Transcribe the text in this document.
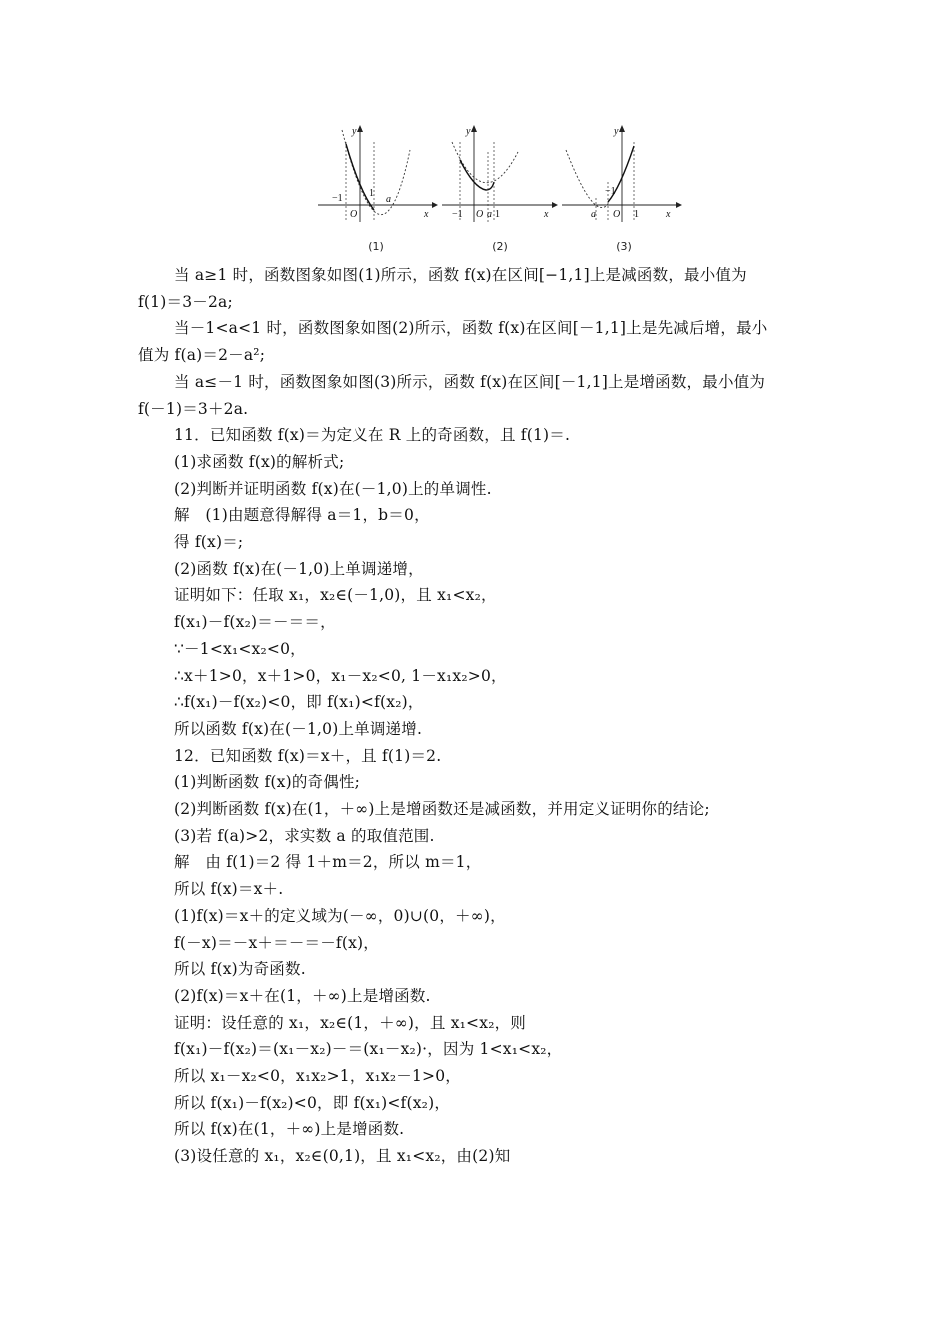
y
x
O
−1	1
a
(1)
y
x
−1 O a 1
(2)
y
x
−1
a O 1
(3)
当 a≥1 时，函数图象如图(1)所示，函数 f(x)在区间[−1,1]上是减函数，最小值为
f(1)＝3－2a;
当－1<a<1 时，函数图象如图(2)所示，函数 f(x)在区间[－1,1]上是先减后增，最小
值为 f(a)＝2－a²;
当 a≤－1 时，函数图象如图(3)所示，函数 f(x)在区间[－1,1]上是增函数，最小值为
f(－1)＝3＋2a.
11．已知函数 f(x)＝为定义在 R 上的奇函数，且 f(1)＝.
(1)求函数 f(x)的解析式;
(2)判断并证明函数 f(x)在(－1,0)上的单调性.
解　(1)由题意得解得 a＝1，b＝0，
得 f(x)＝;
(2)函数 f(x)在(－1,0)上单调递增，
证明如下：任取 x₁，x₂∈(－1,0)，且 x₁<x₂，
f(x₁)－f(x₂)＝－＝＝，
∵－1<x₁<x₂<0，
∴x＋1>0，x＋1>0，x₁－x₂<0, 1－x₁x₂>0，
∴f(x₁)－f(x₂)<0，即 f(x₁)<f(x₂)，
所以函数 f(x)在(－1,0)上单调递增.
12．已知函数 f(x)＝x＋，且 f(1)＝2.
(1)判断函数 f(x)的奇偶性;
(2)判断函数 f(x)在(1，＋∞)上是增函数还是减函数，并用定义证明你的结论;
(3)若 f(a)>2，求实数 a 的取值范围.
解　由 f(1)＝2 得 1＋m＝2，所以 m＝1，
所以 f(x)＝x＋.
(1)f(x)＝x＋的定义域为(－∞，0)∪(0，＋∞)，
f(－x)＝－x＋＝－＝－f(x)，
所以 f(x)为奇函数.
(2)f(x)＝x＋在(1，＋∞)上是增函数.
证明：设任意的 x₁，x₂∈(1，＋∞)，且 x₁<x₂，则
f(x₁)－f(x₂)＝(x₁－x₂)－＝(x₁－x₂)·，因为 1<x₁<x₂，
所以 x₁－x₂<0，x₁x₂>1，x₁x₂－1>0，
所以 f(x₁)－f(x₂)<0，即 f(x₁)<f(x₂)，
所以 f(x)在(1，＋∞)上是增函数.
(3)设任意的 x₁，x₂∈(0,1)，且 x₁<x₂，由(2)知
